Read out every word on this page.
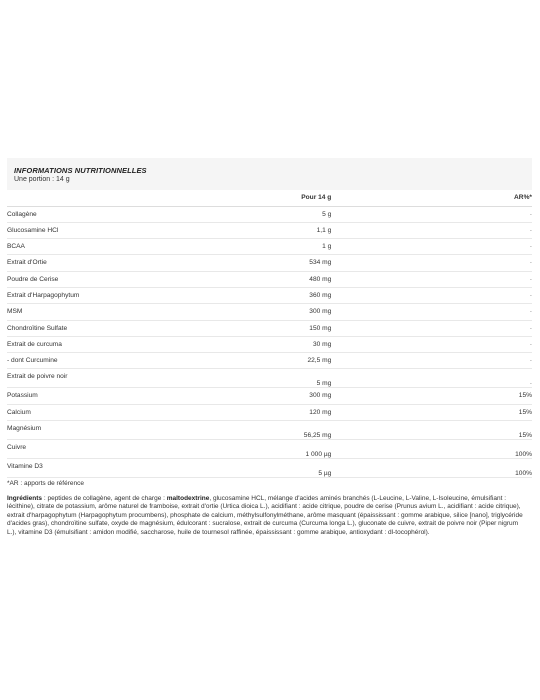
INFORMATIONS NUTRITIONNELLES
Une portion : 14 g
	Pour 14 g	AR%*
Collagène	5 g	-
Glucosamine HCl	1,1 g	-
BCAA	1 g	-
Extrait d'Ortie	534 mg	-
Poudre de Cerise	480 mg	-
Extrait d'Harpagophytum	360 mg	-
MSM	300 mg	-
Chondroïtine Sulfate	150 mg	-
Extrait de curcuma	30 mg	-
- dont Curcumine	22,5 mg	-
Extrait de poivre noir	5 mg	-
Potassium	300 mg	15%
Calcium	120 mg	15%
Magnésium	56,25 mg	15%
Cuivre	1 000 µg	100%
Vitamine D3	5 µg	100%
*AR : apports de référence
Ingrédients : peptides de collagène, agent de charge : maltodextrine, glucosamine HCL, mélange d'acides aminés branchés (L-Leucine, L-Valine, L-Isoleucine, émulsifiant : lécithine), citrate de potassium, arôme naturel de framboise, extrait d'ortie (Urtica dioica L.), acidifiant : acide citrique, poudre de cerise (Prunus avium L., acidifiant : acide citrique), extrait d'harpagophytum (Harpagophytum procumbens), phosphate de calcium, méthylsulfonylméthane, arôme masquant (épaississant : gomme arabique, silice [nano], triglycéride d'acides gras), chondroïtine sulfate, oxyde de magnésium, édulcorant : sucralose, extrait de curcuma (Curcuma longa L.), gluconate de cuivre, extrait de poivre noir (Piper nigrum L.), vitamine D3 (émulsifiant : amidon modifié, saccharose, huile de tournesol raffinée, épaississant : gomme arabique, antioxydant : dl-tocophérol).
